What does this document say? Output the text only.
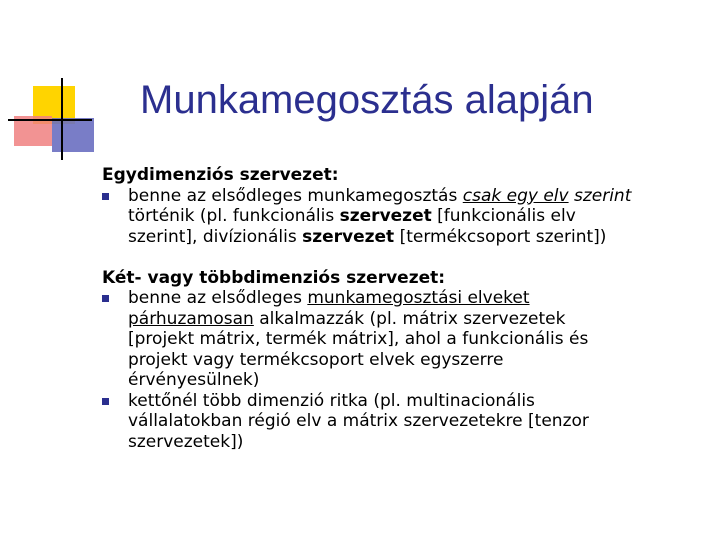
Munkamegosztás alapján
Egydimenziós szervezet:
benne az elsődleges munkamegosztás csak egy elv szerint
történik (pl. funkcionális szervezet [funkcionális elv
szerint], divízionális szervezet [termékcsoport szerint])
Két- vagy többdimenziós szervezet:
benne az elsődleges munkamegosztási elveket
párhuzamosan alkalmazzák (pl. mátrix szervezetek
[projekt mátrix, termék mátrix], ahol a funkcionális és
projekt vagy termékcsoport elvek egyszerre
érvényesülnek)
kettőnél több dimenzió ritka (pl. multinacionális
vállalatokban régió elv a mátrix szervezetekre [tenzor
szervezetek])
